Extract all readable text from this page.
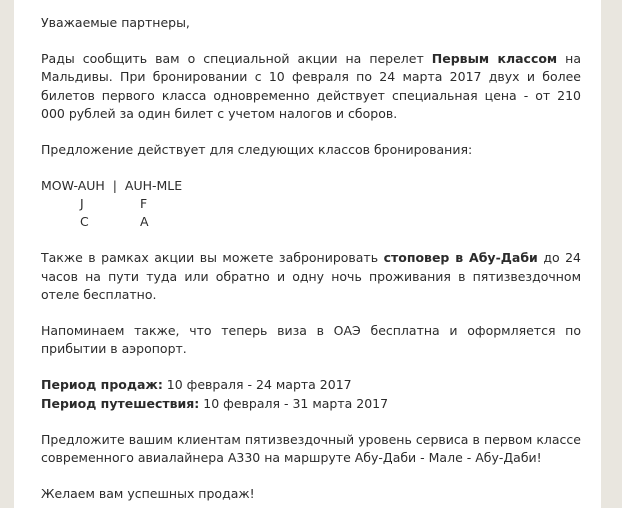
Уважаемые партнеры,

Рады сообщить вам о специальной акции на перелет Первым классом на Мальдивы. При бронировании с 10 февраля по 24 марта 2017 двух и более билетов первого класса одновременно действует специальная цена - от 210 000 рублей за один билет с учетом налогов и сборов.

Предложение действует для следующих классов бронирования:

MOW-AUH  |  AUH-MLE

J	F
C	A

Также в рамках акции вы можете забронировать стоповер в Абу-Даби до 24 часов на пути туда или обратно и одну ночь проживания в пятизвездочном отеле бесплатно.

Напоминаем также, что теперь виза в ОАЭ бесплатна и оформляется по прибытии в аэропорт.

Период продаж: 10 февраля - 24 марта 2017

Период путешествия: 10 февраля - 31 марта 2017

Предложите вашим клиентам пятизвездочный уровень сервиса в первом классе современного авиалайнера А330 на маршруте Абу-Даби - Мале - Абу-Даби!

Желаем вам успешных продаж!
